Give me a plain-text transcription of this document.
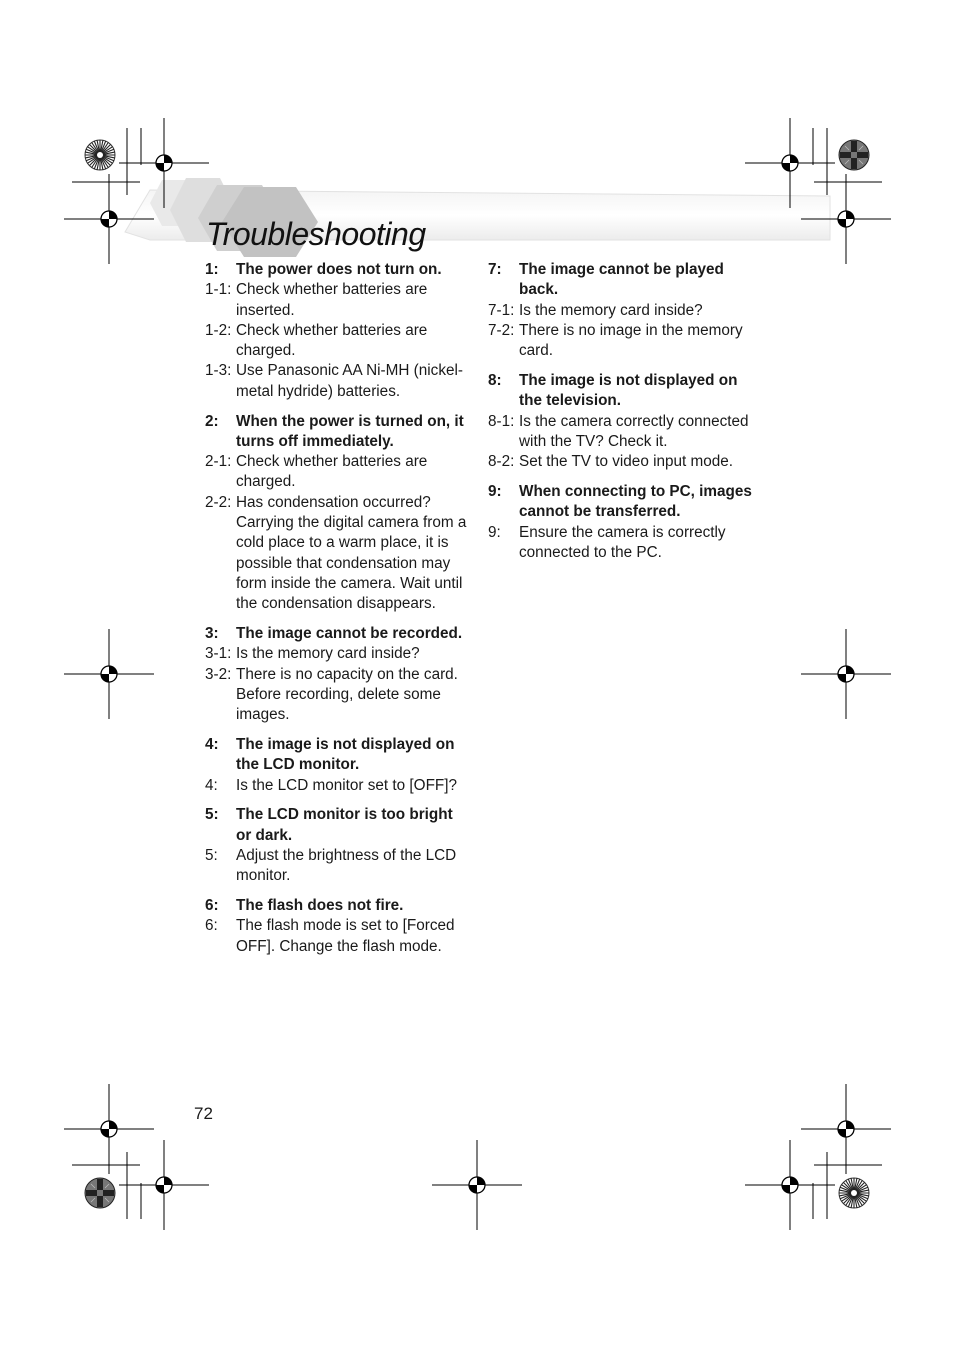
Troubleshooting
1:	The power does not turn on.
1-1: Check whether batteries are inserted.
1-2: Check whether batteries are charged.
1-3: Use Panasonic AA Ni-MH (nickel-metal hydride) batteries.
2:	When the power is turned on, it turns off immediately.
2-1: Check whether batteries are charged.
2-2: Has condensation occurred? Carrying the digital camera from a cold place to a warm place, it is possible that condensation may form inside the camera. Wait until the condensation disappears.
3:	The image cannot be recorded.
3-1: Is the memory card inside?
3-2: There is no capacity on the card. Before recording, delete some images.
4:	The image is not displayed on the LCD monitor.
4:	Is the LCD monitor set to [OFF]?
5:	The LCD monitor is too bright or dark.
5:	Adjust the brightness of the LCD monitor.
6:	The flash does not fire.
6:	The flash mode is set to [Forced OFF]. Change the flash mode.
7:	The image cannot be played back.
7-1: Is the memory card inside?
7-2: There is no image in the memory card.
8:	The image is not displayed on the television.
8-1: Is the camera correctly connected with the TV? Check it.
8-2: Set the TV to video input mode.
9:	When connecting to PC, images cannot be transferred.
9:	Ensure the camera is correctly connected to the PC.
72
